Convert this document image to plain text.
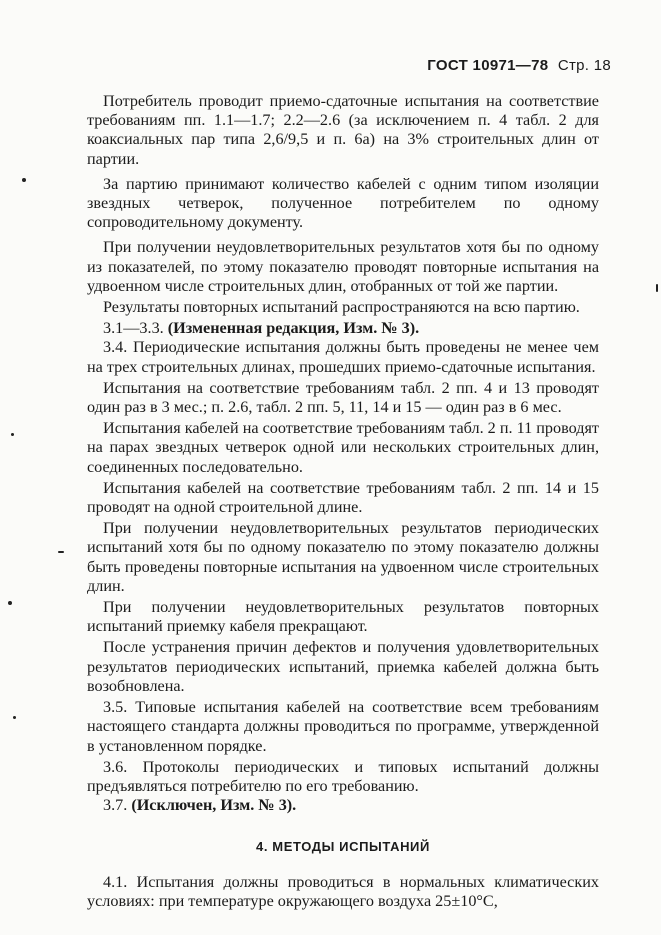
ГОСТ 10971—78 Стр. 18

Потребитель проводит приемо-сдаточные испытания на соответствие требованиям пп. 1.1—1.7; 2.2—2.6 (за исключением п. 4 табл. 2 для коаксиальных пар типа 2,6/9,5 и п. 6а) на 3% строительных длин от партии.

За партию принимают количество кабелей с одним типом изоляции звездных четверок, полученное потребителем по одному сопроводительному документу.

При получении неудовлетворительных результатов хотя бы по одному из показателей, по этому показателю проводят повторные испытания на удвоенном числе строительных длин, отобранных от той же партии.

Результаты повторных испытаний распространяются на всю партию.

3.1—3.3. (Измененная редакция, Изм. № 3).

3.4. Периодические испытания должны быть проведены не менее чем на трех строительных длинах, прошедших приемо-сдаточные испытания.

Испытания на соответствие требованиям табл. 2 пп. 4 и 13 проводят один раз в 3 мес.; п. 2.6, табл. 2 пп. 5, 11, 14 и 15 — один раз в 6 мес.

Испытания кабелей на соответствие требованиям табл. 2 п. 11 проводят на парах звездных четверок одной или нескольких строительных длин, соединенных последовательно.

Испытания кабелей на соответствие требованиям табл. 2 пп. 14 и 15 проводят на одной строительной длине.

При получении неудовлетворительных результатов периодических испытаний хотя бы по одному показателю по этому показателю должны быть проведены повторные испытания на удвоенном числе строительных длин.

При получении неудовлетворительных результатов повторных испытаний приемку кабеля прекращают.

После устранения причин дефектов и получения удовлетворительных результатов периодических испытаний, приемка кабелей должна быть возобновлена.

3.5. Типовые испытания кабелей на соответствие всем требованиям настоящего стандарта должны проводиться по программе, утвержденной в установленном порядке.

3.6. Протоколы периодических и типовых испытаний должны предъявляться потребителю по его требованию.

3.7. (Исключен, Изм. № 3).

4. МЕТОДЫ ИСПЫТАНИЙ

4.1. Испытания должны проводиться в нормальных климатических условиях: при температуре окружающего воздуха 25±10°С,
